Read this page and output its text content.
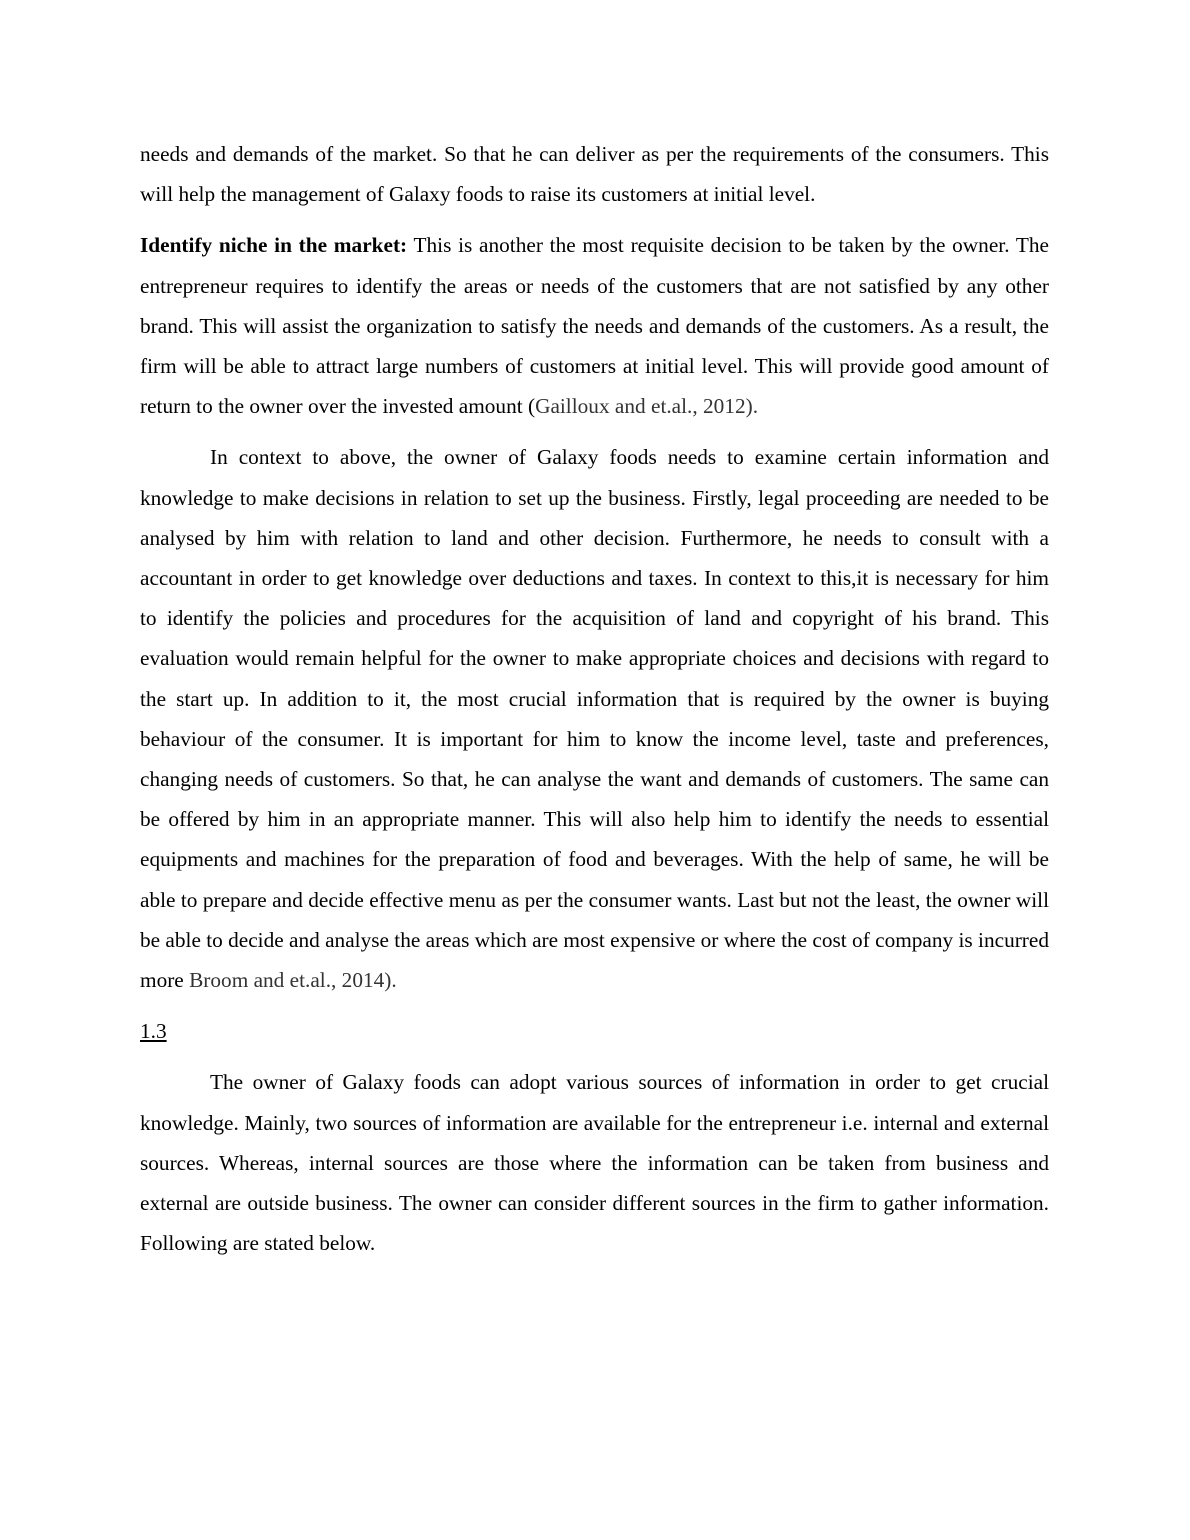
needs and demands of the market. So that he can deliver as per the requirements of the consumers. This will help the management of Galaxy foods to raise its customers at initial level.

Identify niche in the market: This is another the most requisite decision to be taken by the owner. The entrepreneur requires to identify the areas or needs of the customers that are not satisfied by any other brand. This will assist the organization to satisfy the needs and demands of the customers. As a result, the firm will be able to attract large numbers of customers at initial level. This will provide good amount of return to the owner over the invested amount (Gailloux and et.al., 2012).

In context to above, the owner of Galaxy foods needs to examine certain information and knowledge to make decisions in relation to set up the business. Firstly, legal proceeding are needed to be analysed by him with relation to land and other decision. Furthermore, he needs to consult with a accountant in order to get knowledge over deductions and taxes. In context to this,it is necessary for him to identify the policies and procedures for the acquisition of land and copyright of his brand. This evaluation would remain helpful for the owner to make appropriate choices and decisions with regard to the start up. In addition to it, the most crucial information that is required by the owner is buying behaviour of the consumer. It is important for him to know the income level, taste and preferences, changing needs of customers. So that, he can analyse the want and demands of customers. The same can be offered by him in an appropriate manner. This will also help him to identify the needs to essential equipments and machines for the preparation of food and beverages. With the help of same, he will be able to prepare and decide effective menu as per the consumer wants. Last but not the least, the owner will be able to decide and analyse the areas which are most expensive or where the cost of company is incurred more Broom and et.al., 2014).

1.3

The owner of Galaxy foods can adopt various sources of information in order to get crucial knowledge. Mainly, two sources of information are available for the entrepreneur i.e. internal and external sources. Whereas, internal sources are those where the information can be taken from business and external are outside business. The owner can consider different sources in the firm to gather information. Following are stated below.
